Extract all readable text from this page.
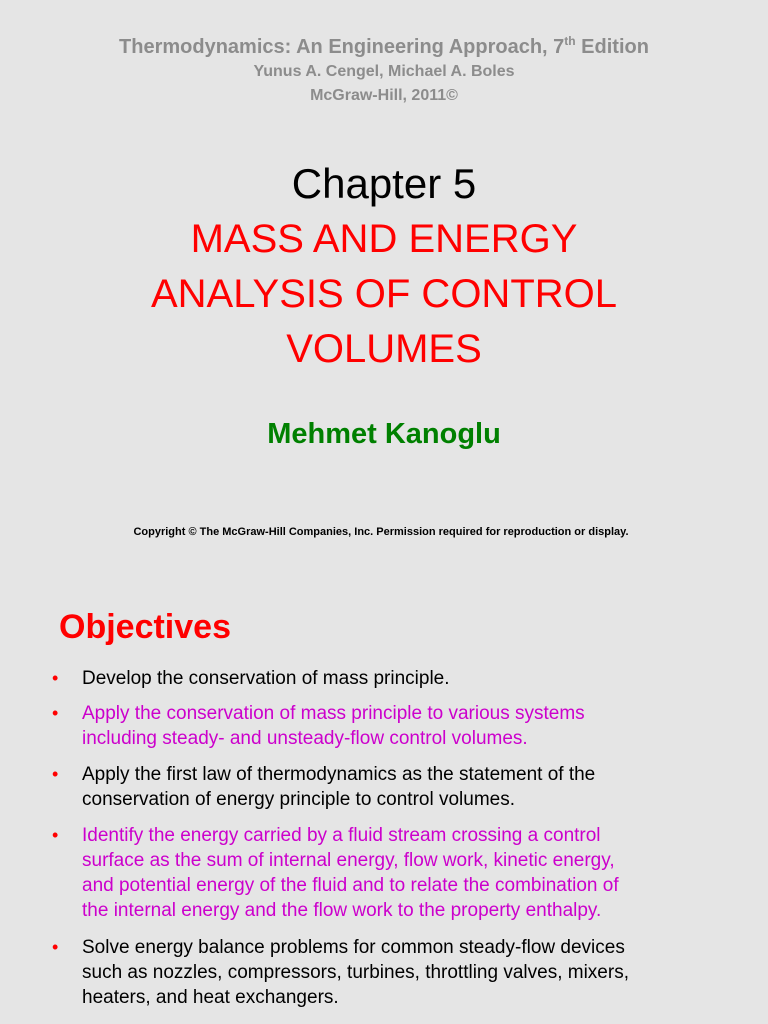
Thermodynamics: An Engineering Approach, 7th Edition
Yunus A. Cengel, Michael A. Boles
McGraw-Hill, 2011©
Chapter 5
MASS AND ENERGY
ANALYSIS OF CONTROL
VOLUMES
Mehmet Kanoglu
Copyright © The McGraw-Hill Companies, Inc. Permission required for reproduction or display.
Objectives
• Develop the conservation of mass principle.
• Apply the conservation of mass principle to various systems
including steady- and unsteady-flow control volumes.
• Apply the first law of thermodynamics as the statement of the
conservation of energy principle to control volumes.
• Identify the energy carried by a fluid stream crossing a control
surface as the sum of internal energy, flow work, kinetic energy,
and potential energy of the fluid and to relate the combination of
the internal energy and the flow work to the property enthalpy.
• Solve energy balance problems for common steady-flow devices
such as nozzles, compressors, turbines, throttling valves, mixers,
heaters, and heat exchangers.
